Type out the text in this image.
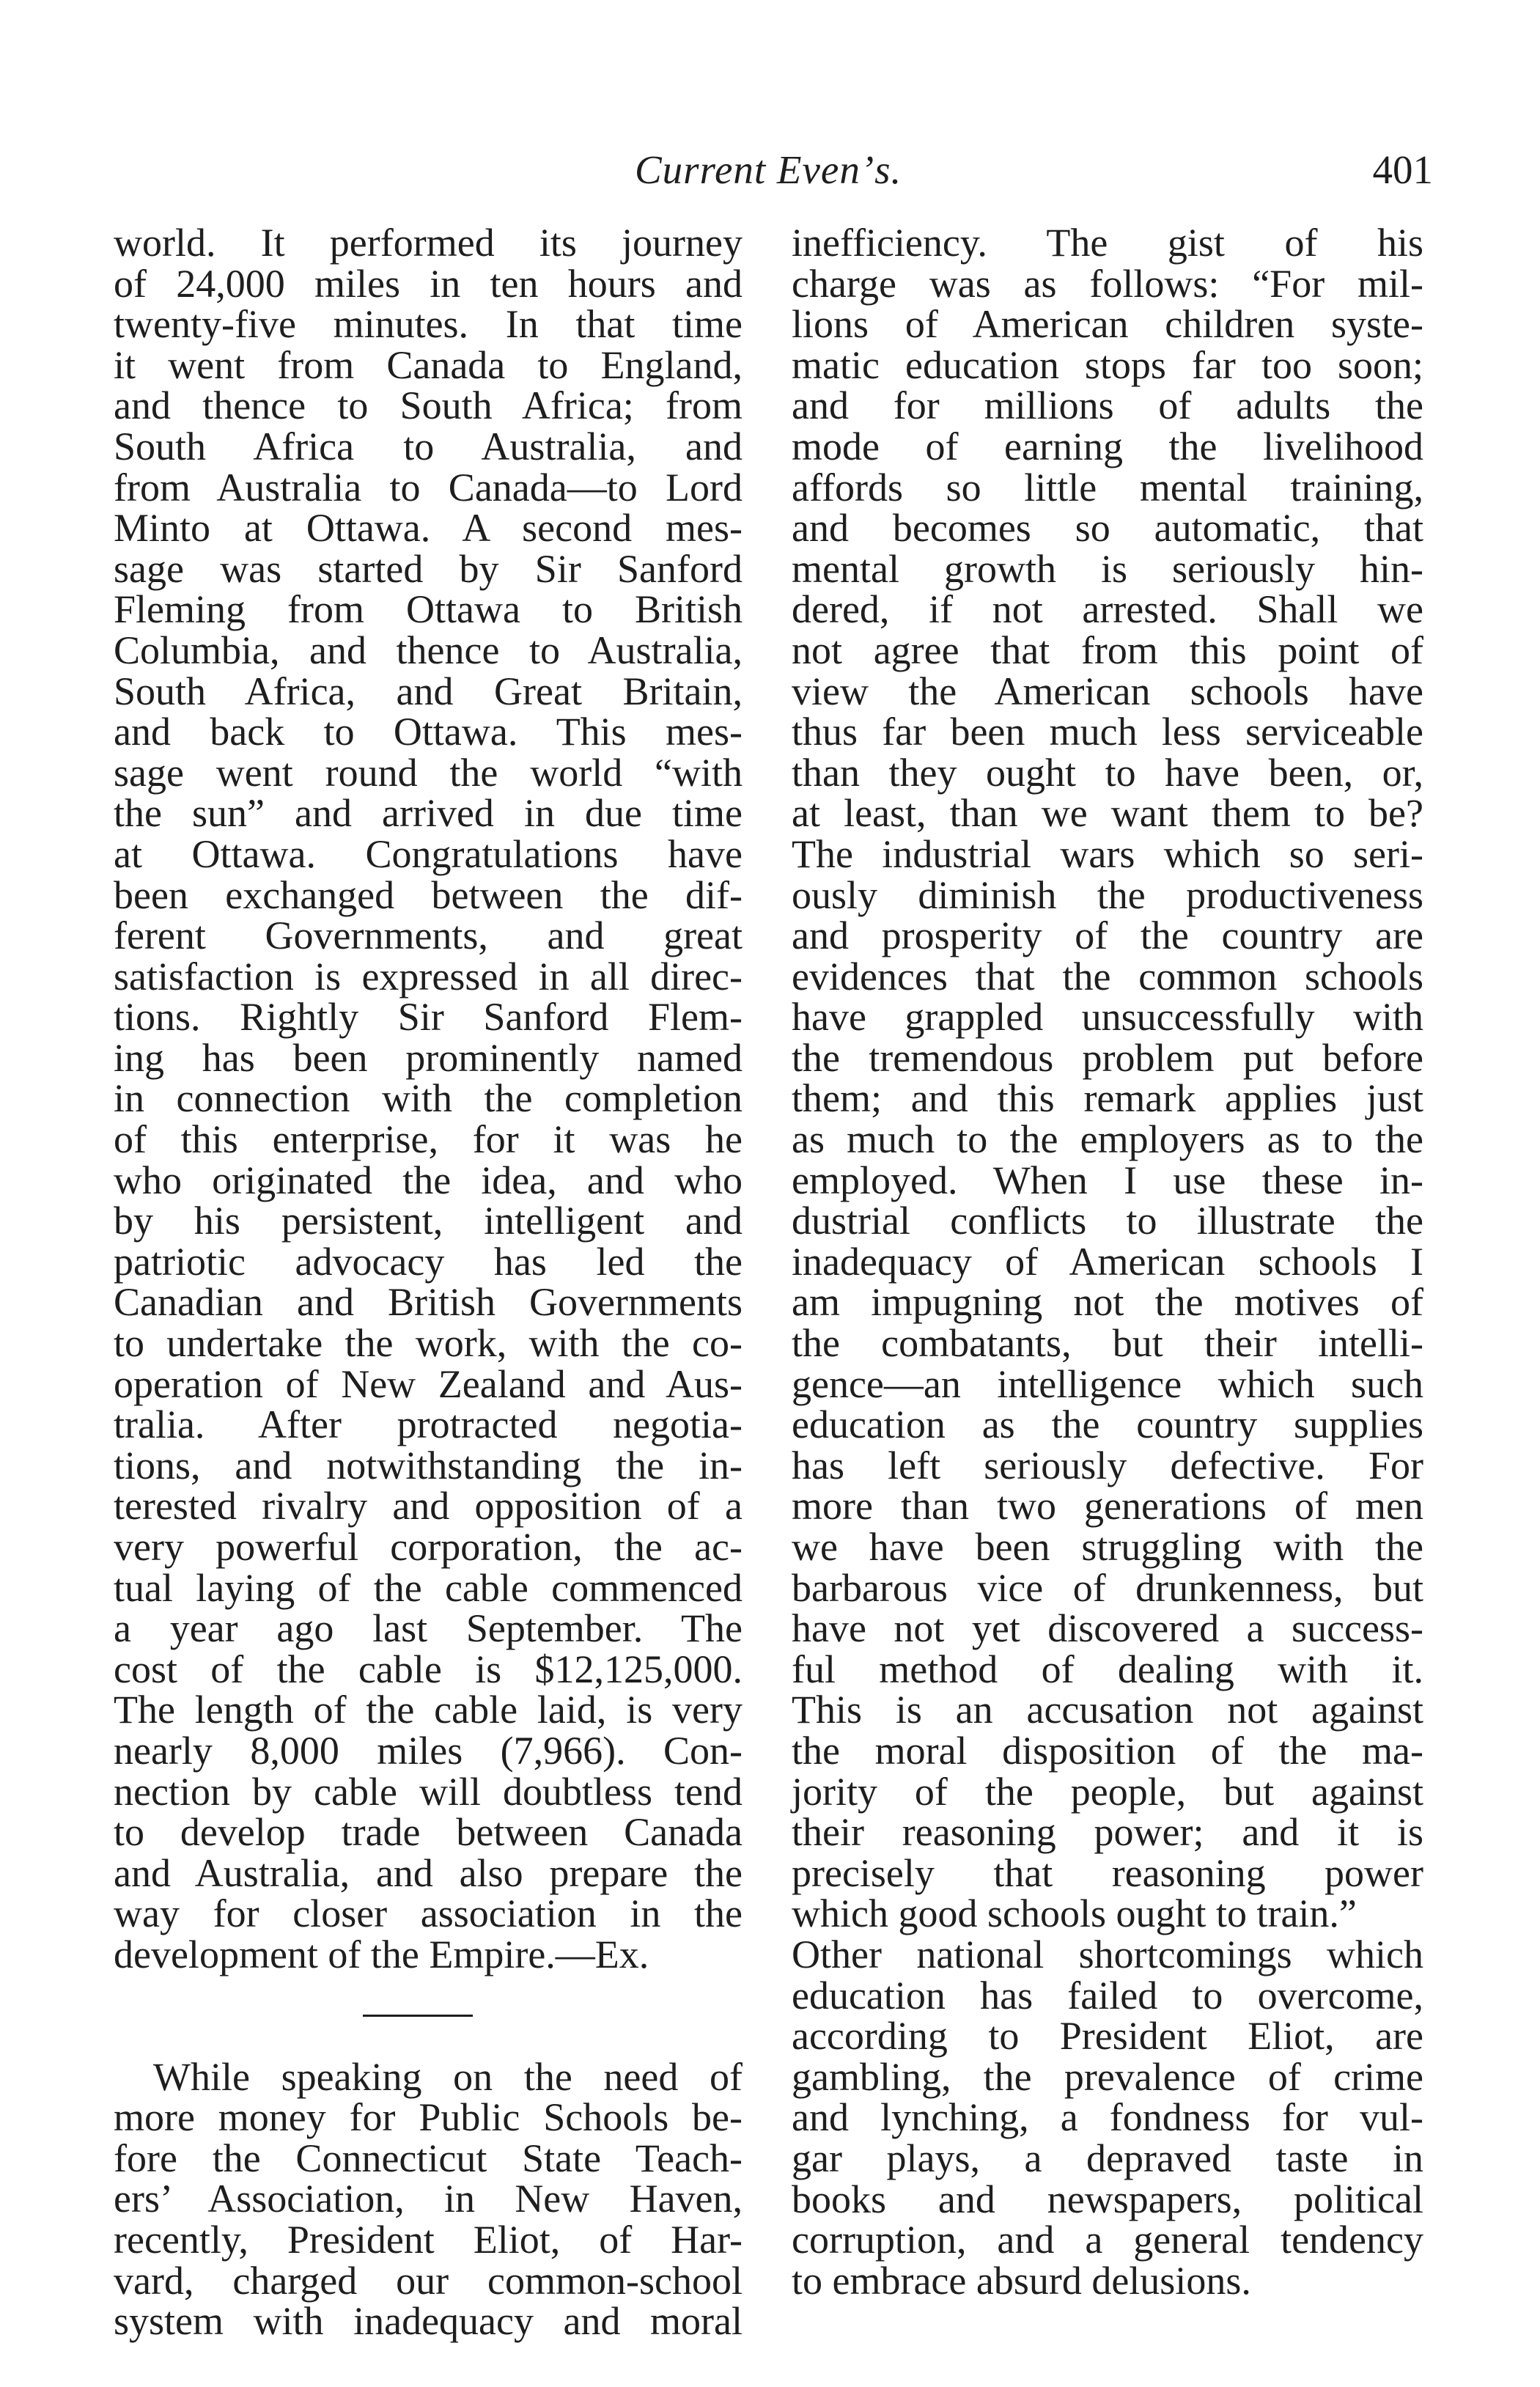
Current Evenʼs.	401
world. It performed its journey
of 24,000 miles in ten hours and
twenty-five minutes. In that time
it went from Canada to England,
and thence to South Africa; from
South Africa to Australia, and
from Australia to Canada—to Lord
Minto at Ottawa. A second mes-
sage was started by Sir Sanford
Fleming from Ottawa to British
Columbia, and thence to Australia,
South Africa, and Great Britain,
and back to Ottawa. This mes-
sage went round the world “with
the sun” and arrived in due time
at Ottawa. Congratulations have
been exchanged between the dif-
ferent Governments, and great
satisfaction is expressed in all direc-
tions. Rightly Sir Sanford Flem-
ing has been prominently named
in connection with the completion
of this enterprise, for it was he
who originated the idea, and who
by his persistent, intelligent and
patriotic advocacy has led the
Canadian and British Governments
to undertake the work, with the co-
operation of New Zealand and Aus-
tralia. After protracted negotia-
tions, and notwithstanding the in-
terested rivalry and opposition of a
very powerful corporation, the ac-
tual laying of the cable commenced
a year ago last September. The
cost of the cable is $12,125,000.
The length of the cable laid, is very
nearly 8,000 miles (7,966). Con-
nection by cable will doubtless tend
to develop trade between Canada
and Australia, and also prepare the
way for closer association in the
development of the Empire.—Ex.
While speaking on the need of
more money for Public Schools be-
fore the Connecticut State Teach-
ers’ Association, in New Haven,
recently, President Eliot, of Har-
vard, charged our common-school
system with inadequacy and moral
inefficiency. The gist of his
charge was as follows: “For mil-
lions of American children syste-
matic education stops far too soon;
and for millions of adults the
mode of earning the livelihood
affords so little mental training,
and becomes so automatic, that
mental growth is seriously hin-
dered, if not arrested. Shall we
not agree that from this point of
view the American schools have
thus far been much less serviceable
than they ought to have been, or,
at least, than we want them to be?
The industrial wars which so seri-
ously diminish the productiveness
and prosperity of the country are
evidences that the common schools
have grappled unsuccessfully with
the tremendous problem put before
them; and this remark applies just
as much to the employers as to the
employed. When I use these in-
dustrial conflicts to illustrate the
inadequacy of American schools I
am impugning not the motives of
the combatants, but their intelli-
gence—an intelligence which such
education as the country supplies
has left seriously defective. For
more than two generations of men
we have been struggling with the
barbarous vice of drunkenness, but
have not yet discovered a success-
ful method of dealing with it.
This is an accusation not against
the moral disposition of the ma-
jority of the people, but against
their reasoning power; and it is
precisely that reasoning power
which good schools ought to train.”
Other national shortcomings which
education has failed to overcome,
according to President Eliot, are
gambling, the prevalence of crime
and lynching, a fondness for vul-
gar plays, a depraved taste in
books and newspapers, political
corruption, and a general tendency
to embrace absurd delusions.
